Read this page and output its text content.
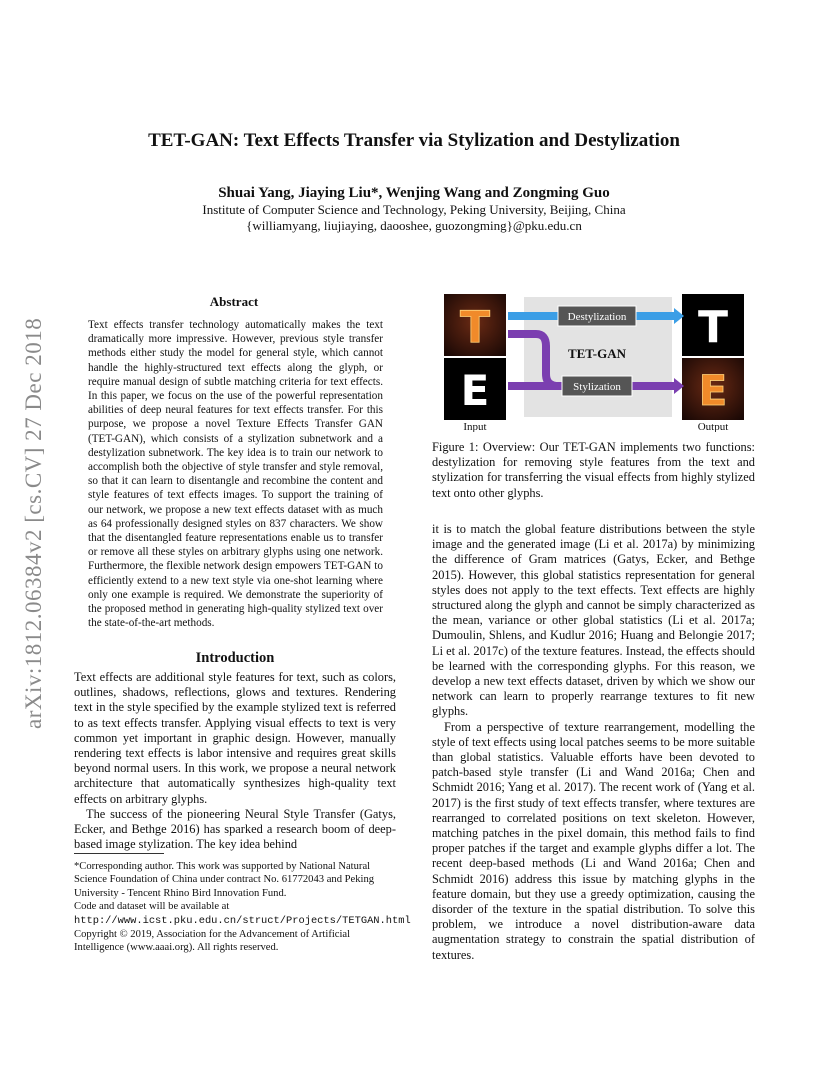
arXiv:1812.06384v2 [cs.CV] 27 Dec 2018
TET-GAN: Text Effects Transfer via Stylization and Destylization
Shuai Yang, Jiaying Liu*, Wenjing Wang and Zongming Guo
Institute of Computer Science and Technology, Peking University, Beijing, China
{williamyang, liujiaying, daooshee, guozongming}@pku.edu.cn
Abstract
Text effects transfer technology automatically makes the text dramatically more impressive. However, previous style transfer methods either study the model for general style, which cannot handle the highly-structured text effects along the glyph, or require manual design of subtle matching criteria for text effects. In this paper, we focus on the use of the powerful representation abilities of deep neural features for text effects transfer. For this purpose, we propose a novel Texture Effects Transfer GAN (TET-GAN), which consists of a stylization subnetwork and a destylization subnetwork. The key idea is to train our network to accomplish both the objective of style transfer and style removal, so that it can learn to disentangle and recombine the content and style features of text effects images. To support the training of our network, we propose a new text effects dataset with as much as 64 professionally designed styles on 837 characters. We show that the disentangled feature representations enable us to transfer or remove all these styles on arbitrary glyphs using one network. Furthermore, the flexible network design empowers TET-GAN to efficiently extend to a new text style via one-shot learning where only one example is required. We demonstrate the superiority of the proposed method in generating high-quality stylized text over the state-of-the-art methods.
Introduction

Text effects are additional style features for text, such as colors, outlines, shadows, reflections, glows and textures. Rendering text in the style specified by the example stylized text is referred to as text effects transfer. Applying visual effects to text is very common yet important in graphic design. However, manually rendering text effects is labor intensive and requires great skills beyond normal users. In this work, we propose a neural network architecture that automatically synthesizes high-quality text effects on arbitrary glyphs.

The success of the pioneering Neural Style Transfer (Gatys, Ecker, and Bethge 2016) has sparked a research boom of deep-based image stylization. The key idea behind

*Corresponding author. This work was supported by National Natural Science Foundation of China under contract No. 61772043 and Peking University - Tencent Rhino Bird Innovation Fund.

Code and dataset will be available at http://www.icst.pku.edu.cn/struct/Projects/TETGAN.html

Copyright © 2019, Association for the Advancement of Artificial Intelligence (www.aaai.org). All rights reserved.

T
E
T
E
Destylization
TET-GAN
Stylization
Input	Output
Figure 1: Overview: Our TET-GAN implements two functions: destylization for removing style features from the text and stylization for transferring the visual effects from highly stylized text onto other glyphs.

it is to match the global feature distributions between the style image and the generated image (Li et al. 2017a) by minimizing the difference of Gram matrices (Gatys, Ecker, and Bethge 2015). However, this global statistics representation for general styles does not apply to the text effects. Text effects are highly structured along the glyph and cannot be simply characterized as the mean, variance or other global statistics (Li et al. 2017a; Dumoulin, Shlens, and Kudlur 2016; Huang and Belongie 2017; Li et al. 2017c) of the texture features. Instead, the effects should be learned with the corresponding glyphs. For this reason, we develop a new text effects dataset, driven by which we show our network can learn to properly rearrange textures to fit new glyphs.

From a perspective of texture rearrangement, modelling the style of text effects using local patches seems to be more suitable than global statistics. Valuable efforts have been devoted to patch-based style transfer (Li and Wand 2016a; Chen and Schmidt 2016; Yang et al. 2017). The recent work of (Yang et al. 2017) is the first study of text effects transfer, where textures are rearranged to correlated positions on text skeleton. However, matching patches in the pixel domain, this method fails to find proper patches if the target and example glyphs differ a lot. The recent deep-based methods (Li and Wand 2016a; Chen and Schmidt 2016) address this issue by matching glyphs in the feature domain, but they use a greedy optimization, causing the disorder of the texture in the spatial distribution. To solve this problem, we introduce a novel distribution-aware data augmentation strategy to constrain the spatial distribution of textures.
